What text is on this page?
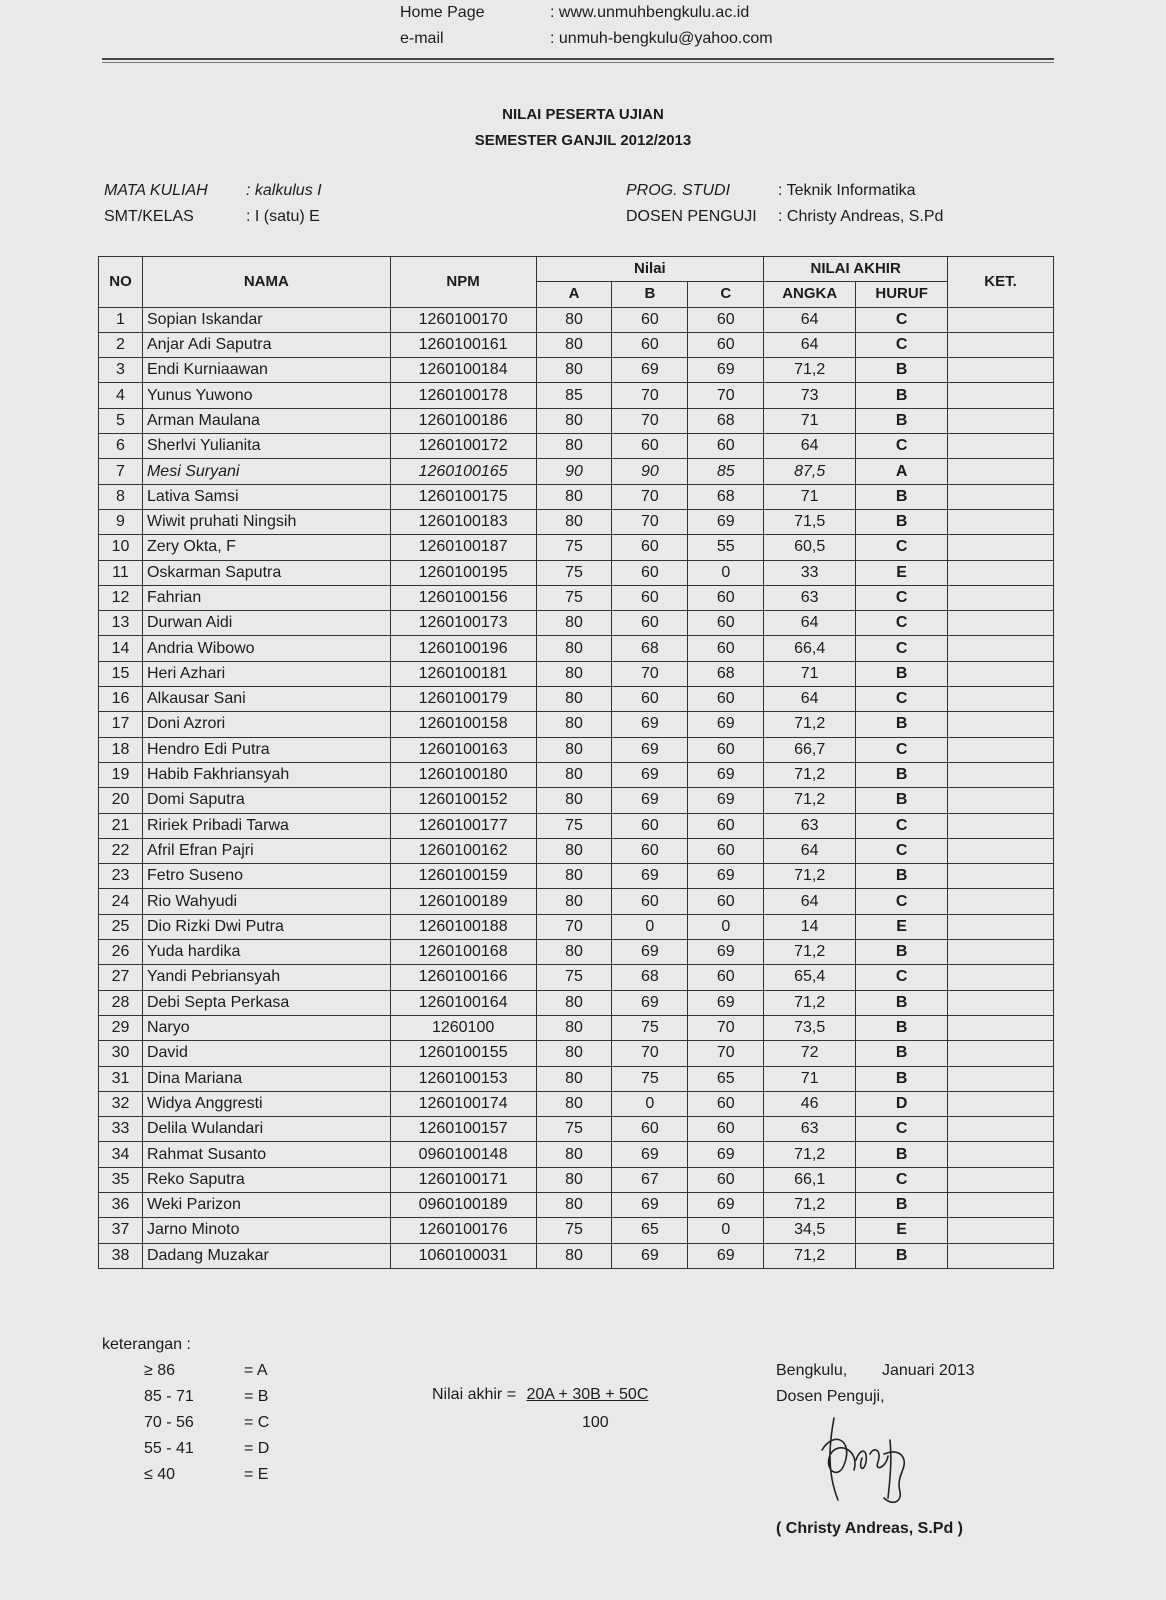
Home Page	: www.unmuhbengkulu.ac.id
e-mail	: unmuh-bengkulu@yahoo.com
NILAI PESERTA UJIAN
SEMESTER GANJIL 2012/2013
MATA KULIAH	: kalkulus I
SMT/KELAS	: I (satu) E
PROG. STUDI	: Teknik Informatika
DOSEN PENGUJI	: Christy Andreas, S.Pd
NO	NAMA	NPM	Nilai			NILAI AKHIR		KET.
			A	B	C	ANGKA	HURUF	
1	Sopian Iskandar	1260100170	80	60	60	64	C	
2	Anjar Adi Saputra	1260100161	80	60	60	64	C	
3	Endi Kurniaawan	1260100184	80	69	69	71,2	B	
4	Yunus Yuwono	1260100178	85	70	70	73	B	
5	Arman Maulana	1260100186	80	70	68	71	B	
6	Sherlvi Yulianita	1260100172	80	60	60	64	C	
7	Mesi Suryani	1260100165	90	90	85	87,5	A	
8	Lativa Samsi	1260100175	80	70	68	71	B	
9	Wiwit pruhati Ningsih	1260100183	80	70	69	71,5	B	
10	Zery Okta, F	1260100187	75	60	55	60,5	C	
11	Oskarman Saputra	1260100195	75	60	0	33	E	
12	Fahrian	1260100156	75	60	60	63	C	
13	Durwan Aidi	1260100173	80	60	60	64	C	
14	Andria Wibowo	1260100196	80	68	60	66,4	C	
15	Heri Azhari	1260100181	80	70	68	71	B	
16	Alkausar Sani	1260100179	80	60	60	64	C	
17	Doni Azrori	1260100158	80	69	69	71,2	B	
18	Hendro Edi Putra	1260100163	80	69	60	66,7	C	
19	Habib Fakhriansyah	1260100180	80	69	69	71,2	B	
20	Domi Saputra	1260100152	80	69	69	71,2	B	
21	Ririek Pribadi Tarwa	1260100177	75	60	60	63	C	
22	Afril Efran Pajri	1260100162	80	60	60	64	C	
23	Fetro Suseno	1260100159	80	69	69	71,2	B	
24	Rio Wahyudi	1260100189	80	60	60	64	C	
25	Dio Rizki Dwi Putra	1260100188	70	0	0	14	E	
26	Yuda hardika	1260100168	80	69	69	71,2	B	
27	Yandi Pebriansyah	1260100166	75	68	60	65,4	C	
28	Debi Septa Perkasa	1260100164	80	69	69	71,2	B	
29	Naryo	1260100	80	75	70	73,5	B	
30	David	1260100155	80	70	70	72	B	
31	Dina Mariana	1260100153	80	75	65	71	B	
32	Widya Anggresti	1260100174	80	0	60	46	D	
33	Delila Wulandari	1260100157	75	60	60	63	C	
34	Rahmat Susanto	0960100148	80	69	69	71,2	B	
35	Reko Saputra	1260100171	80	67	60	66,1	C	
36	Weki Parizon	0960100189	80	69	69	71,2	B	
37	Jarno Minoto	1260100176	75	65	0	34,5	E	
38	Dadang Muzakar	1060100031	80	69	69	71,2	B	
keterangan :
≥ 86	= A
85 - 71	= B
70 - 56	= C
55 - 41	= D
≤ 40	= E
Nilai akhir = 20A + 30B + 50C
100
Bengkulu,	Januari 2013
Dosen Penguji,
( Christy Andreas, S.Pd )
